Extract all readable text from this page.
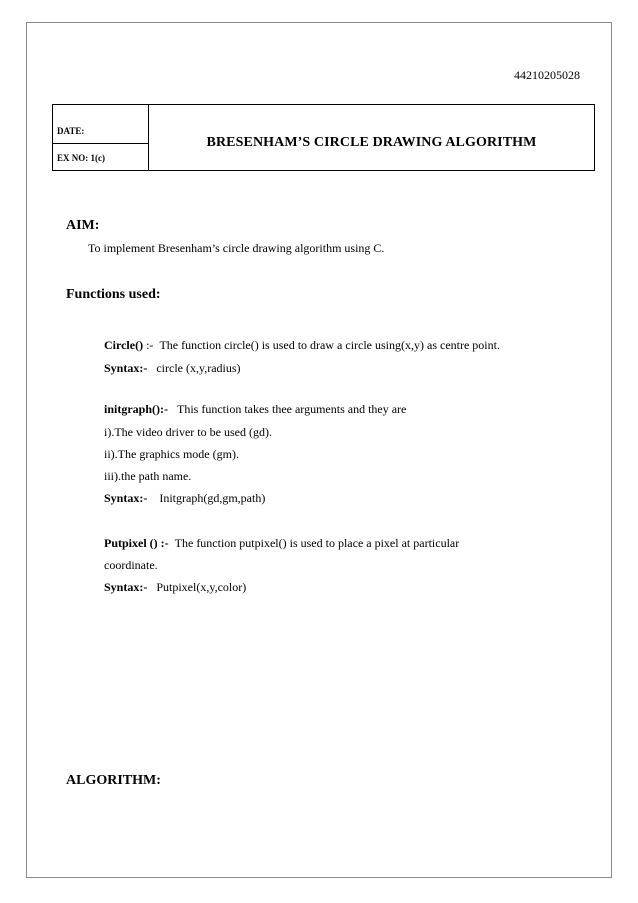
44210205028
DATE:
EX NO: 1(c)
BRESENHAM’S CIRCLE DRAWING ALGORITHM
AIM:
To implement Bresenham’s circle drawing algorithm using C.
Functions used:
Circle() :- The function circle() is used to draw a circle using(x,y) as centre point.
Syntax:- circle (x,y,radius)
initgraph():- This function takes thee arguments and they are
i).The video driver to be used (gd).
ii).The graphics mode (gm).
iii).the path name.
Syntax:- Initgraph(gd,gm,path)
Putpixel () :- The function putpixel() is used to place a pixel at particular
coordinate.
Syntax:- Putpixel(x,y,color)
ALGORITHM:
